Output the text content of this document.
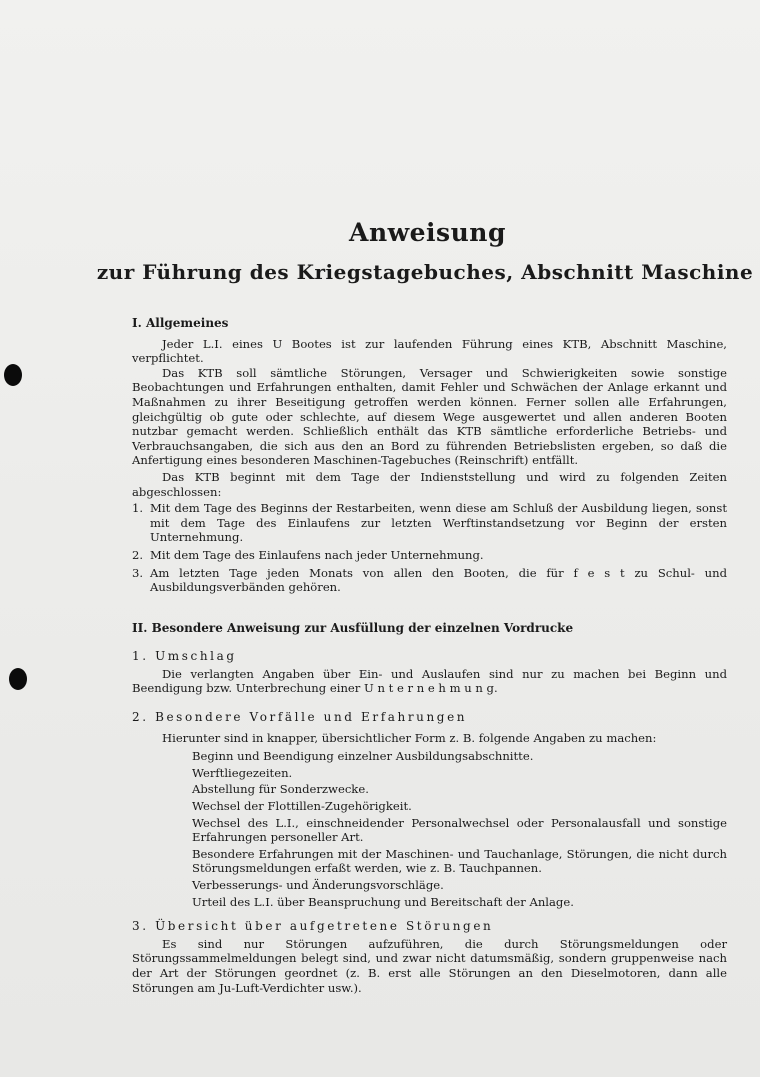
Anweisung
zur Führung des Kriegstagebuches, Abschnitt Maschine
I. Allgemeines

Jeder L.I. eines U Bootes ist zur laufenden Führung eines KTB, Abschnitt Maschine, verpflichtet.

Das KTB soll sämtliche Störungen, Versager und Schwierigkeiten sowie sonstige Beobachtungen und Erfahrungen enthalten, damit Fehler und Schwächen der Anlage erkannt und Maßnahmen zu ihrer Beseitigung getroffen werden können. Ferner sollen alle Erfahrungen, gleichgültig ob gute oder schlechte, auf diesem Wege ausgewertet und allen anderen Booten nutzbar gemacht werden. Schließlich enthält das KTB sämtliche erforderliche Betriebs- und Verbrauchsangaben, die sich aus den an Bord zu führenden Betriebslisten ergeben, so daß die Anfertigung eines besonderen Maschinen-Tagebuches (Reinschrift) entfällt.

Das KTB beginnt mit dem Tage der Indienststellung und wird zu folgenden Zeiten abgeschlossen:

1. Mit dem Tage des Beginns der Restarbeiten, wenn diese am Schluß der Ausbildung liegen, sonst mit dem Tage des Einlaufens zur letzten Werftinstandsetzung vor Beginn der ersten Unternehmung.
2. Mit dem Tage des Einlaufens nach jeder Unternehmung.
3. Am letzten Tage jeden Monats von allen den Booten, die für f e s t zu Schul- und Ausbildungsverbänden gehören.
II. Besondere Anweisung zur Ausfüllung der einzelnen Vordrucke
1. Umschlag

Die verlangten Angaben über Ein- und Auslaufen sind nur zu machen bei Beginn und Beendigung bzw. Unterbrechung einer U n t e r n e h m u n g.

2. Besondere Vorfälle und Erfahrungen

Hierunter sind in knapper, übersichtlicher Form z. B. folgende Angaben zu machen:

Beginn und Beendigung einzelner Ausbildungsabschnitte.
Werftliegezeiten.
Abstellung für Sonderzwecke.
Wechsel der Flottillen-Zugehörigkeit.
Wechsel des L.I., einschneidender Personalwechsel oder Personalausfall und sonstige Erfahrungen personeller Art.
Besondere Erfahrungen mit der Maschinen- und Tauchanlage, Störungen, die nicht durch Störungsmeldungen erfaßt werden, wie z. B. Tauchpannen.
Verbesserungs- und Änderungsvorschläge.
Urteil des L.I. über Beanspruchung und Bereitschaft der Anlage.
3. Übersicht über aufgetretene Störungen

Es sind nur Störungen aufzuführen, die durch Störungsmeldungen oder Störungssammelmeldungen belegt sind, und zwar nicht datumsmäßig, sondern gruppenweise nach der Art der Störungen geordnet (z. B. erst alle Störungen an den Dieselmotoren, dann alle Störungen am Ju-Luft-Verdichter usw.).
